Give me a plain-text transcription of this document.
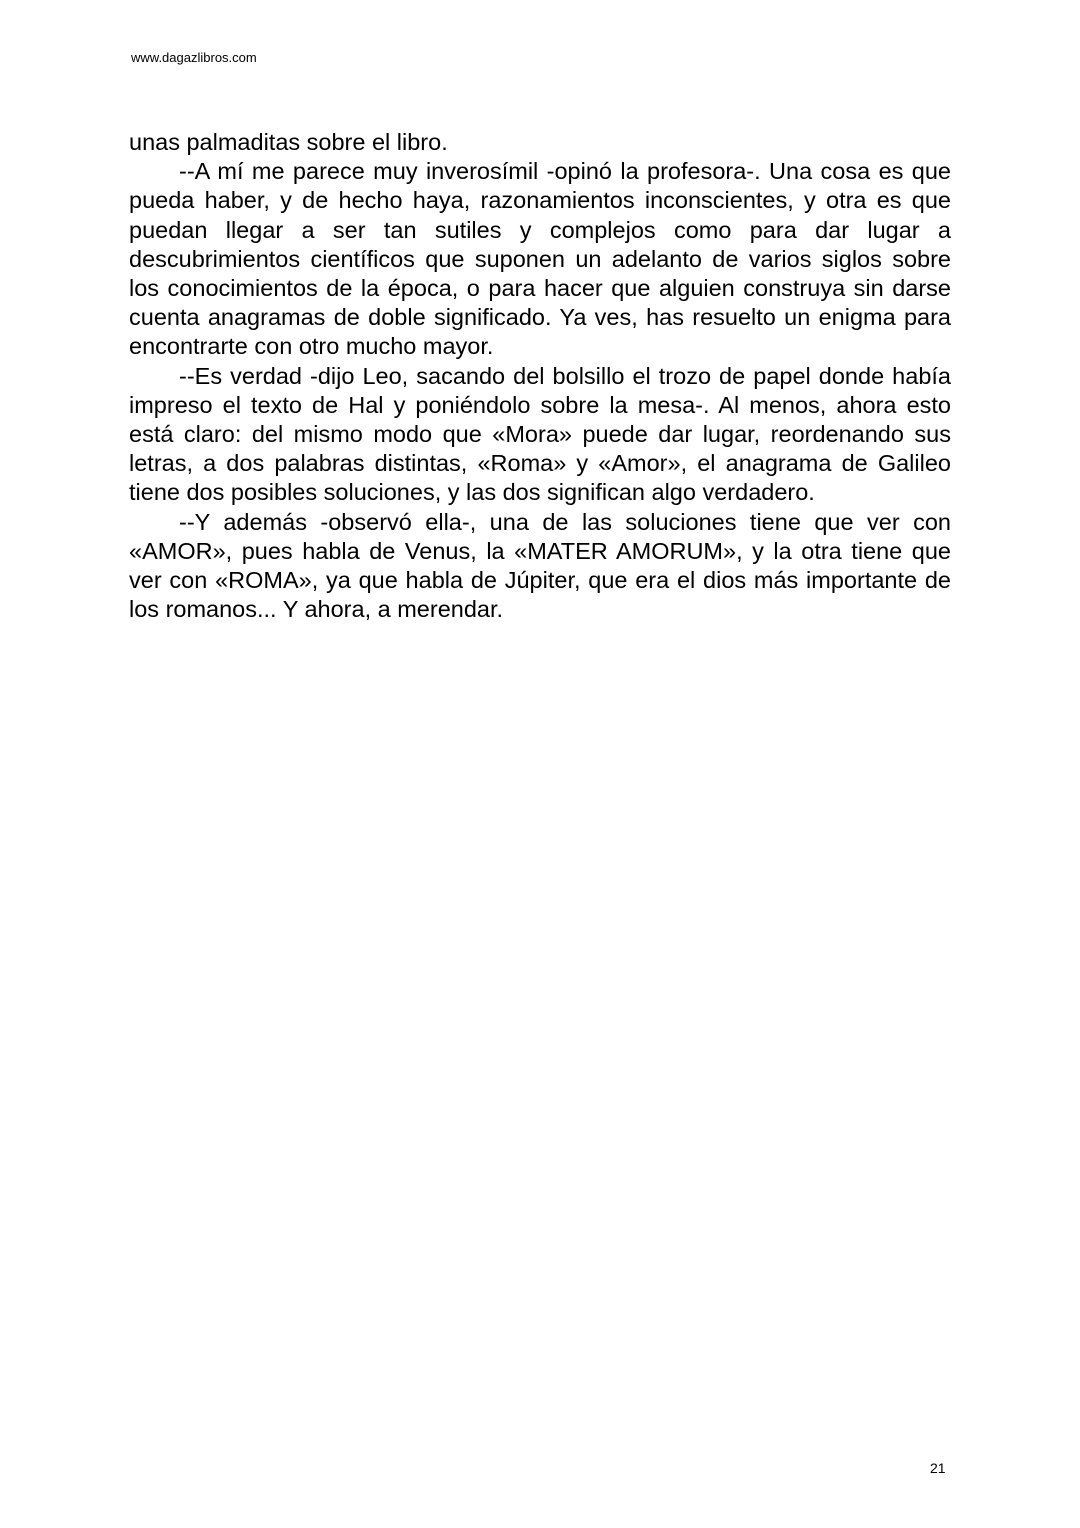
www.dagazlibros.com

unas palmaditas sobre el libro.

--A mí me parece muy inverosímil -opinó la profesora-. Una cosa es que pueda haber, y de hecho haya, razonamientos inconscientes, y otra es que puedan llegar a ser tan sutiles y complejos como para dar lugar a descubrimientos científicos que suponen un adelanto de varios siglos sobre los conocimientos de la época, o para hacer que alguien construya sin darse cuenta anagramas de doble significado. Ya ves, has resuelto un enigma para encontrarte con otro mucho mayor.

--Es verdad -dijo Leo, sacando del bolsillo el trozo de papel donde había impreso el texto de Hal y poniéndolo sobre la mesa-. Al menos, ahora esto está claro: del mismo modo que «Mora» puede dar lugar, reordenando sus letras, a dos palabras distintas, «Roma» y «Amor», el anagrama de Galileo tiene dos posibles soluciones, y las dos significan algo verdadero.

--Y además -observó ella-, una de las soluciones tiene que ver con «AMOR», pues habla de Venus, la «MATER AMORUM», y la otra tiene que ver con «ROMA», ya que habla de Júpiter, que era el dios más importante de los romanos... Y ahora, a merendar.

21
